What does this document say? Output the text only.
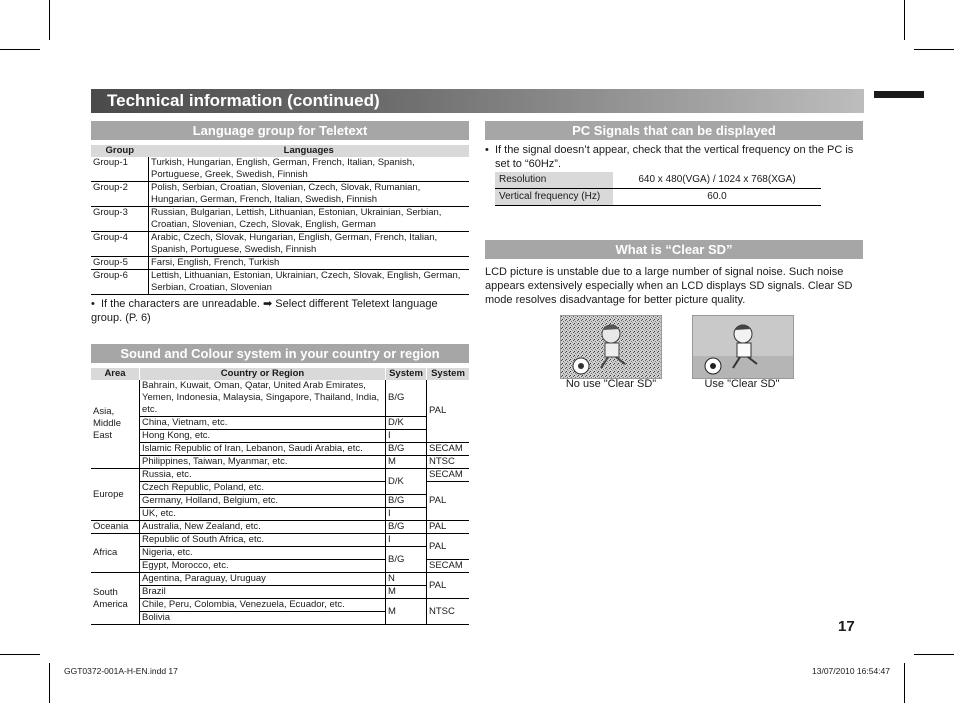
Technical information (continued)
Language group for Teletext
Group	Languages
Group-1	Turkish, Hungarian, English, German, French, Italian, Spanish, Portuguese, Greek, Swedish, Finnish
Group-2	Polish, Serbian, Croatian, Slovenian, Czech, Slovak, Rumanian, Hungarian, German, French, Italian, Swedish, Finnish
Group-3	Russian, Bulgarian, Lettish, Lithuanian, Estonian, Ukrainian, Serbian, Croatian, Slovenian, Czech, Slovak, English, German
Group-4	Arabic, Czech, Slovak, Hungarian, English, German, French, Italian, Spanish, Portuguese, Swedish, Finnish
Group-5	Farsi, English, French, Turkish
Group-6	Lettish, Lithuanian, Estonian, Ukrainian, Czech, Slovak, English, German, Serbian, Croatian, Slovenian
•  If the characters are unreadable. ➡ Select different Teletext language group. (P. 6)
Sound and Colour system in your country or region
Area	Country or Region	System	System
Asia, Middle East	Bahrain, Kuwait, Oman, Qatar, United Arab Emirates, Yemen, Indonesia, Malaysia, Singapore, Thailand, India, etc.	B/G	PAL
	China, Vietnam, etc.	D/K	
	Hong Kong, etc.	I	
	Islamic Republic of Iran, Lebanon, Saudi Arabia, etc.	B/G	SECAM
	Philippines, Taiwan, Myanmar, etc.	M	NTSC
Europe	Russia, etc.	D/K	SECAM
	Czech Republic, Poland, etc.		PAL
	Germany, Holland, Belgium, etc.	B/G	
	UK, etc.	I	
Oceania	Australia, New Zealand, etc.	B/G	PAL
Africa	Republic of South Africa, etc.	I	PAL
	Nigeria, etc.	B/G	
	Egypt, Morocco, etc.		SECAM
South America	Agentina, Paraguay, Uruguay	N	PAL
	Brazil	M	
	Chile, Peru, Colombia, Venezuela, Ecuador, etc.	M	NTSC
	Bolivia		
PC Signals that can be displayed
•  If the signal doesn’t appear, check that the vertical frequency on the PC is set to “60Hz”.
Resolution	640 x 480(VGA) / 1024 x 768(XGA)
Vertical frequency (Hz)	60.0
What is “Clear SD”
LCD picture is unstable due to a large number of signal noise. Such noise appears extensively especially when an LCD displays SD signals. Clear SD mode resolves disadvantage for better picture quality.
No use "Clear SD"	Use "Clear SD"
17
GGT0372-001A-H-EN.indd 17	13/07/2010 16:54:47
